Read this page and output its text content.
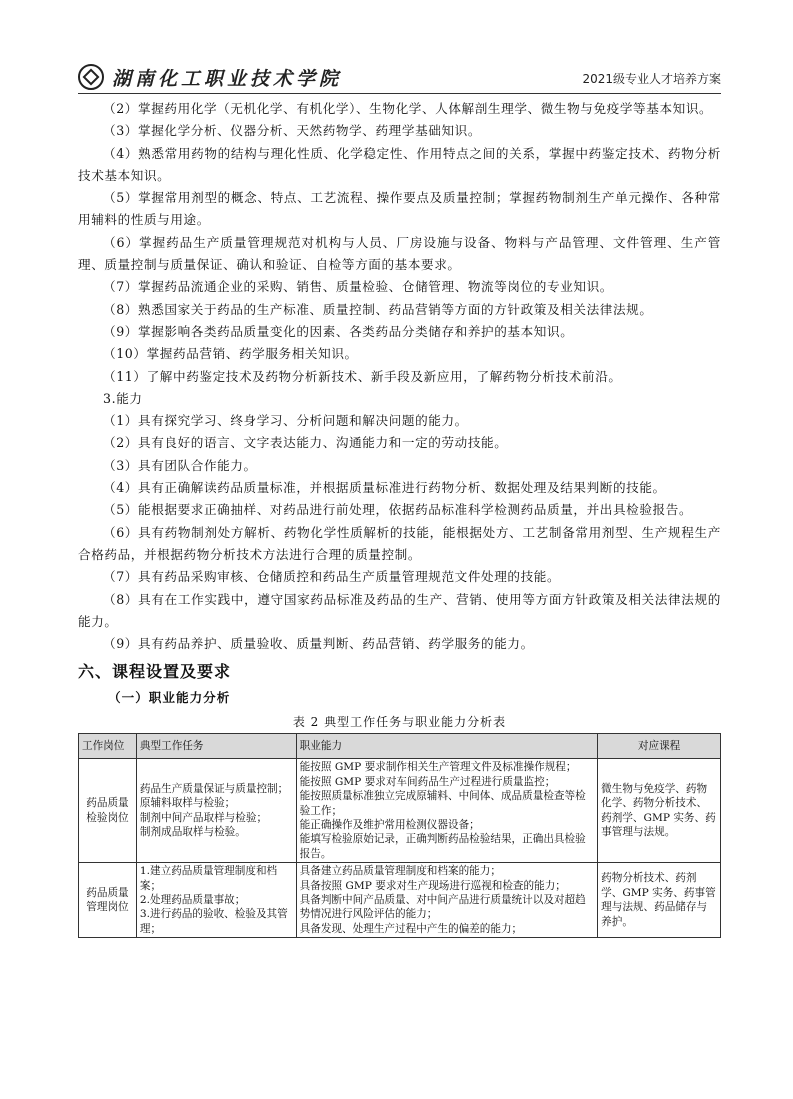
湖南化工职业技术学院	2021级专业人才培养方案

（2）掌握药用化学（无机化学、有机化学）、生物化学、人体解剖生理学、微生物与免疫学等基本知识。

（3）掌握化学分析、仪器分析、天然药物学、药理学基础知识。

（4）熟悉常用药物的结构与理化性质、化学稳定性、作用特点之间的关系，掌握中药鉴定技术、药物分析技术基本知识。

（5）掌握常用剂型的概念、特点、工艺流程、操作要点及质量控制；掌握药物制剂生产单元操作、各种常用辅料的性质与用途。

（6）掌握药品生产质量管理规范对机构与人员、厂房设施与设备、物料与产品管理、文件管理、生产管理、质量控制与质量保证、确认和验证、自检等方面的基本要求。

（7）掌握药品流通企业的采购、销售、质量检验、仓储管理、物流等岗位的专业知识。

（8）熟悉国家关于药品的生产标准、质量控制、药品营销等方面的方针政策及相关法律法规。

（9）掌握影响各类药品质量变化的因素、各类药品分类储存和养护的基本知识。

（10）掌握药品营销、药学服务相关知识。

（11）了解中药鉴定技术及药物分析新技术、新手段及新应用，了解药物分析技术前沿。

3.能力

（1）具有探究学习、终身学习、分析问题和解决问题的能力。

（2）具有良好的语言、文字表达能力、沟通能力和一定的劳动技能。

（3）具有团队合作能力。

（4）具有正确解读药品质量标准，并根据质量标准进行药物分析、数据处理及结果判断的技能。

（5）能根据要求正确抽样、对药品进行前处理，依据药品标准科学检测药品质量，并出具检验报告。

（6）具有药物制剂处方解析、药物化学性质解析的技能，能根据处方、工艺制备常用剂型、生产规程生产合格药品，并根据药物分析技术方法进行合理的质量控制。

（7）具有药品采购审核、仓储质控和药品生产质量管理规范文件处理的技能。

（8）具有在工作实践中，遵守国家药品标准及药品的生产、营销、使用等方面方针政策及相关法律法规的能力。

（9）具有药品养护、质量验收、质量判断、药品营销、药学服务的能力。

六、课程设置及要求
（一）职业能力分析
表 2 典型工作任务与职业能力分析表
工作岗位	典型工作任务	职业能力	对应课程
药品质量检验岗位	药品生产质量保证与质量控制；
原辅料取样与检验；
制剂中间产品取样与检验；
制剂成品取样与检验。	能按照 GMP 要求制作相关生产管理文件及标准操作规程；
能按照 GMP 要求对车间药品生产过程进行质量监控；
能按照质量标准独立完成原辅料、中间体、成品质量检查等检验工作；
能正确操作及维护常用检测仪器设备；
能填写检验原始记录，正确判断药品检验结果，正确出具检验报告。	微生物与免疫学、药物化学、药物分析技术、药剂学、GMP 实务、药事管理与法规。
药品质量管理岗位	1.建立药品质量管理制度和档案；
2.处理药品质量事故；
3.进行药品的验收、检验及其管理；	具备建立药品质量管理制度和档案的能力；
具备按照 GMP 要求对生产现场进行巡视和检查的能力；
具备判断中间产品质量、对中间产品进行质量统计以及对超趋势情况进行风险评估的能力；
具备发现、处理生产过程中产生的偏差的能力；	药物分析技术、药剂学、GMP 实务、药事管理与法规、药品储存与养护。
